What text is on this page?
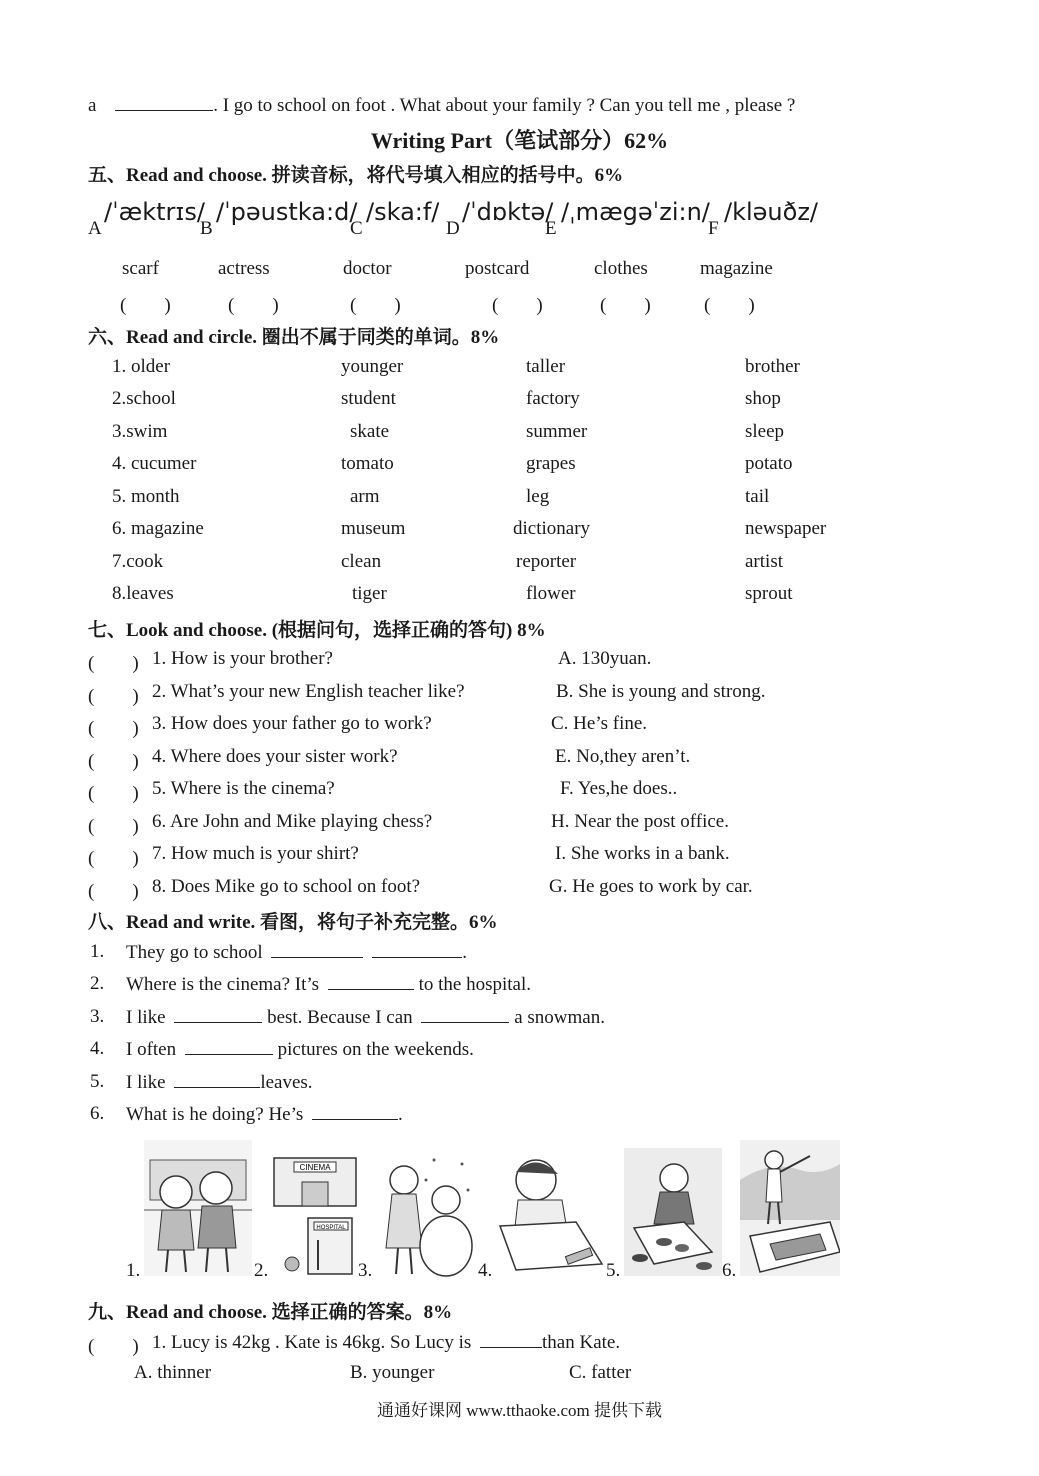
a	. I go to school on foot . What about your family ? Can you tell me , please ?
Writing Part（笔试部分）62%
五、Read and choose. 拼读音标，将代号填入相应的括号中。6%
A
/ˈæktrɪs/
B
/ˈpəustka:d/
C
/ska:f/
D
/ˈdɒktə/
E
/ˌmægəˈzi:n/
F
/kləuðz/
scarf	actress	doctor	postcard	clothes	magazine
(　　)	(　　)	(　　)	(　　)	(　　)	(　　)
六、Read and circle. 圈出不属于同类的单词。8%
1. older	younger	taller	brother
2.school	student	factory	shop
3.swim	skate	summer	sleep
4. cucumer	tomato	grapes	potato
5. month	arm	leg	tail
6. magazine	museum	dictionary	newspaper
7.cook	clean	reporter	artist
8.leaves	tiger	flower	sprout
七、Look and choose. (根据问句，选择正确的答句) 8%
(　　) 1. How is your brother?	A. 130yuan.
(　　) 2. What’s your new English teacher like?	B. She is young and strong.
(　　) 3. How does your father go to work?	C. He’s fine.
(　　) 4. Where does your sister work?	E. No,they aren’t.
(　　) 5. Where is the cinema?	F. Yes,he does..
(　　) 6. Are John and Mike playing chess?	H. Near the post office.
(　　) 7. How much is your shirt?	I. She works in a bank.
(　　) 8. Does Mike go to school on foot?	G. He goes to work by car.
八、Read and write. 看图，将句子补充完整。6%
1. They go to school	.
2. Where is the cinema? It’s	to the hospital.
3. I like	best. Because I can	a snowman.
4. I often	pictures on the weekends.
5. I like	leaves.
6. What is he doing? He’s	.
1.	2.
CINEMA
HOSPITAL
3.	4.	5.	6.
九、Read and choose. 选择正确的答案。8%
(　　) 1. Lucy is 42kg . Kate is 46kg. So Lucy is	than Kate.
A. thinner	B. younger	C. fatter
通通好课网 www.tthaoke.com 提供下载
